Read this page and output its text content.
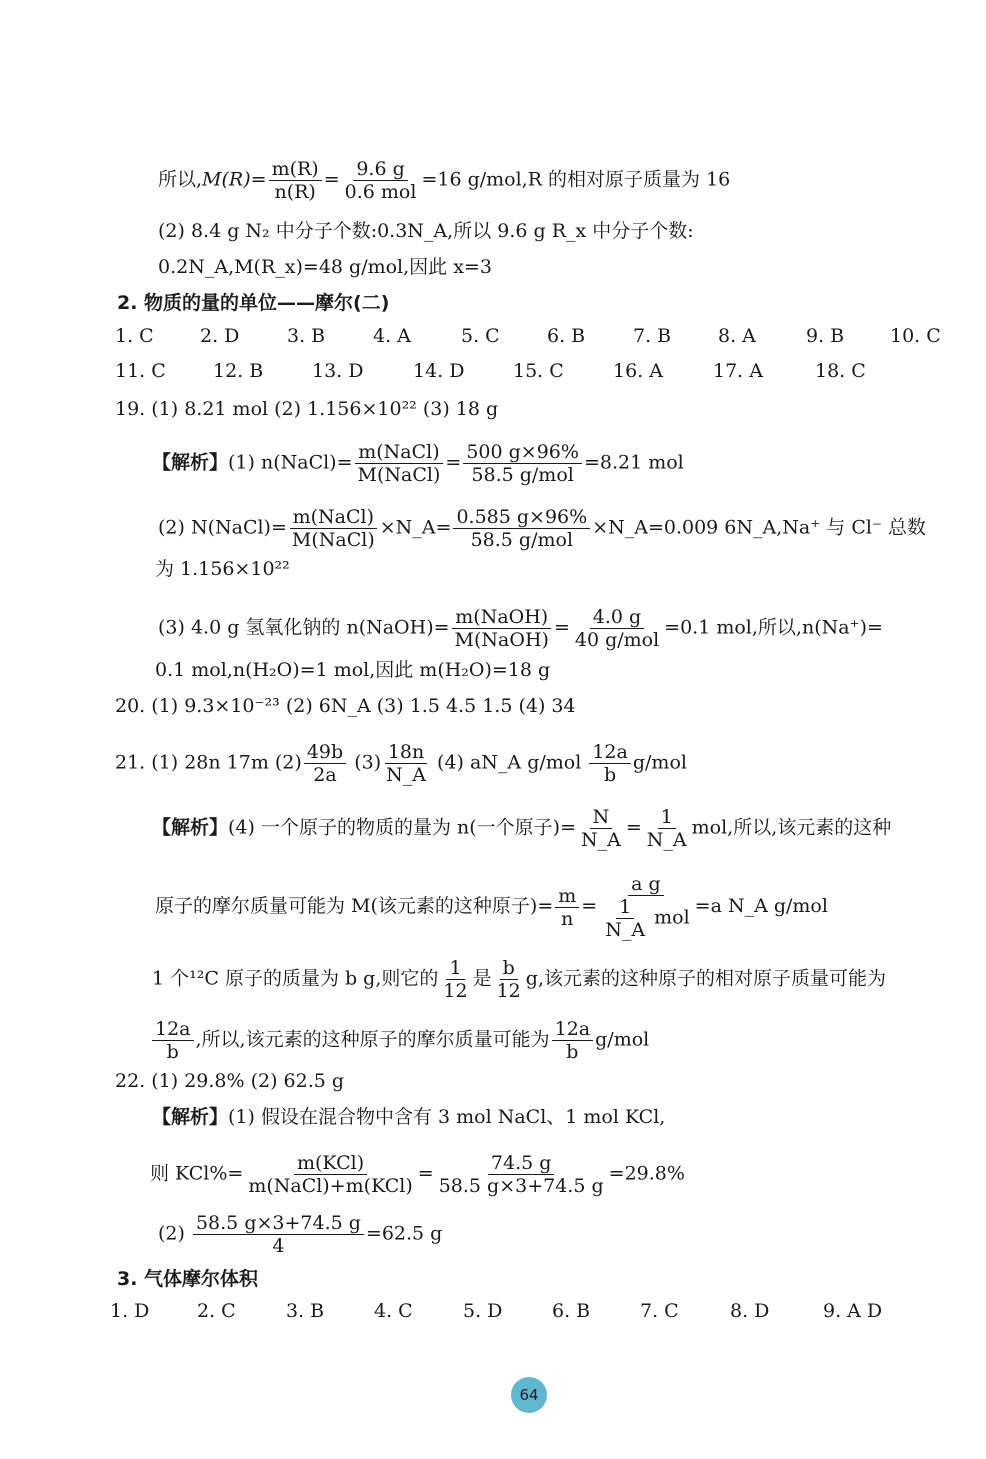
所以$,M(R)= \frac{m(R)}{n(R)} = \frac{9.6 g}{\text{0.6 mol}} =16$ g/mol,R 的相对原子质量为 16
(2) 8.4 g N₂ 中分子个数:0.3N_A,所以 9.6 g R_x 中分子个数:
0.2N_A,M(R_x)=48 g/mol,因此 x=3
2. 物质的量的单位——摩尔(二)
1. C 2. D	3. B	4. A	5. C 6. B	7. B 8. A	9. B 10. C
11. C 12. B	13. D	14. D	15. C	16. A	17. A	18. C
19. (1) 8.21 mol (2) 1.156×10²² (3) 18 g
【解析】(1) n(NaCl)= $\frac{\text{m(NaCl)}}{\text{M(NaCl)}} = \frac{500 g\times 96\%}{\text{58.5 g/mol}} =8.21$ mol
(2) N(NaCl)= $\frac{\text{m(NaCl)}}{\text{M(NaCl)}}$ ×N_A= $\frac{0.585 g\times 96\%}{\text{58.5 g/mol}}$ ×N_A=0.009 6N_A,Na⁺ 与 Cl⁻ 总数
为 1.156×10²²
(3) 4.0 g 氢氧化钠的 n(NaOH)= $\frac{\text{m(NaOH)}}{\text{M(NaOH)}} = \frac{4.0 g}{\text{40 g/mol}} =0.1$ mol,所以,n(Na⁺)=
0.1 mol,n(H₂O)=1 mol,因此 m(H₂O)=18 g
20. (1) 9.3×10⁻²³ (2) 6N_A (3) 1.5 4.5 1.5 (4) 34
21. (1) 28n 17m $(2) \frac{49b}{2a} (3) \frac{18n}{N\_A} (4)$ aN_A $g/mol \frac{12a}{b} g/mol$
【解析】(4) 一个原子的物质的量为 n(一个原子)= $\frac{N}{N\_A} = \frac{1}{N\_A}$ mol,所以,该元素的这种
原子的摩尔质量可能为 M(该元素的这种原子)= $\frac{m}{n} = \frac{\text{a g}}{\frac{1}{N\_A} mol} =a$ N_A g/mol
1 个¹²C 原子的质量为 b g,则它的 $\frac{1}{12}$ 是 $\frac{b}{12} g$,该元素的这种原子的相对原子质量可能为
$\frac{12a}{b}$ ,所以,该元素的这种原子的摩尔质量可能为 $\frac{12a}{b} g/mol$
22. (1) 29.8% (2) 62.5 g
【解析】(1) 假设在混合物中含有 3 mol NaCl、1 mol KCl,
则 $KCl\%= \frac{\text{m(KCl)}}{\text{m(NaCl)+m(KCl)}} = \frac{74.5 g}{58.5 g\times 3+74.5 g} =29.8\%$
$(2) \frac{58.5 g\times 3+74.5 g}{4} =62.5$ g
3. 气体摩尔体积
1. D	2. C	3. B	4. C	5. D	6. B	7. C	8. D	9. A D
64
